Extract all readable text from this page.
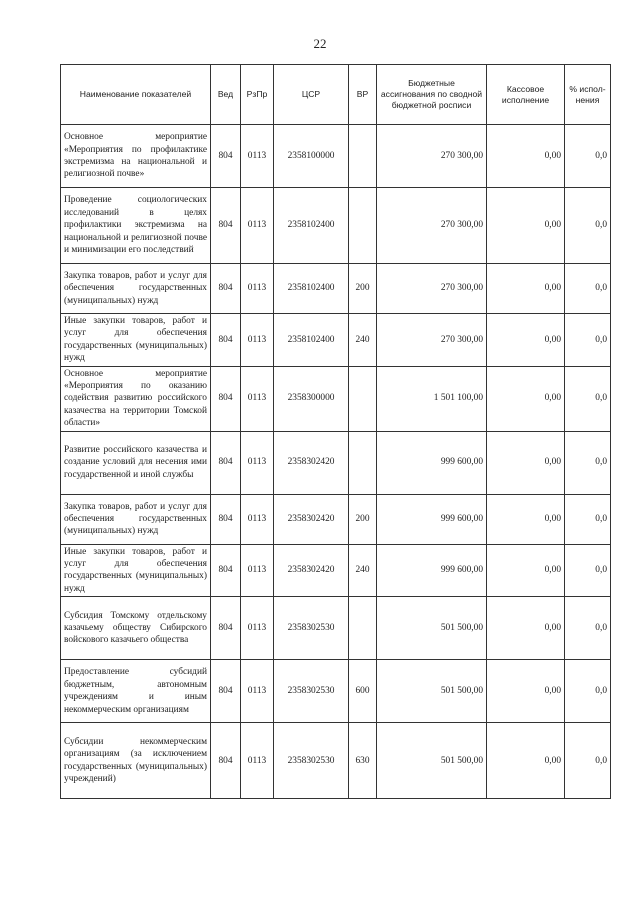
22
Наименование показателей	Вед	РзПр	ЦСР	ВР	Бюджетные ассигнования по сводной бюджетной росписи	Кассовое исполнение	% испол-нения
Основное мероприятие «Мероприятия по профилактике экстремизма на национальной и религиозной почве»	804	0113	2358100000		270 300,00	0,00	0,0
Проведение социологических исследований в целях профилактики экстремизма на национальной и религиозной почве и минимизации его последствий	804	0113	2358102400		270 300,00	0,00	0,0
Закупка товаров, работ и услуг для обеспечения государственных (муниципальных) нужд	804	0113	2358102400	200	270 300,00	0,00	0,0
Иные закупки товаров, работ и услуг для обеспечения государственных (муниципальных) нужд	804	0113	2358102400	240	270 300,00	0,00	0,0
Основное мероприятие «Мероприятия по оказанию содействия развитию российского казачества на территории Томской области»	804	0113	2358300000		1 501 100,00	0,00	0,0
Развитие российского казачества и создание условий для несения ими государственной и иной службы	804	0113	2358302420		999 600,00	0,00	0,0
Закупка товаров, работ и услуг для обеспечения государственных (муниципальных) нужд	804	0113	2358302420	200	999 600,00	0,00	0,0
Иные закупки товаров, работ и услуг для обеспечения государственных (муниципальных) нужд	804	0113	2358302420	240	999 600,00	0,00	0,0
Субсидия Томскому отдельскому казачьему обществу Сибирского войскового казачьего общества	804	0113	2358302530		501 500,00	0,00	0,0
Предоставление субсидий бюджетным, автономным учреждениям и иным некоммерческим организациям	804	0113	2358302530	600	501 500,00	0,00	0,0
Субсидии некоммерческим организациям (за исключением государственных (муниципальных) учреждений)	804	0113	2358302530	630	501 500,00	0,00	0,0
